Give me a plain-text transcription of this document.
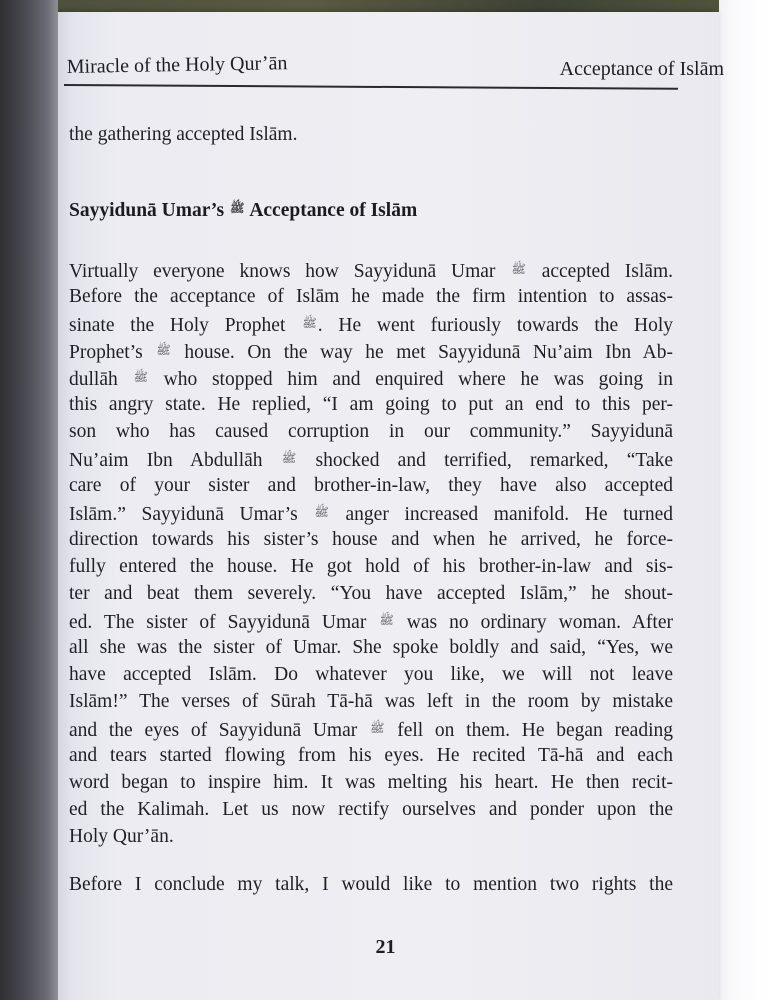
Miracle of the Holy Qur’ān	Acceptance of Islām
the gathering accepted Islām.
Sayyidunā Umar’s ﷺ Acceptance of Islām
Virtually everyone knows how Sayyidunā Umar ﷺ accepted Islām.
Before the acceptance of Islām he made the firm intention to assas-
sinate the Holy Prophet ﷺ. He went furiously towards the Holy
Prophet’s ﷺ house. On the way he met Sayyidunā Nu’aim Ibn Ab-
dullāh ﷺ who stopped him and enquired where he was going in
this angry state. He replied, “I am going to put an end to this per-
son who has caused corruption in our community.” Sayyidunā
Nu’aim Ibn Abdullāh ﷺ shocked and terrified, remarked, “Take
care of your sister and brother-in-law, they have also accepted
Islām.” Sayyidunā Umar’s ﷺ anger increased manifold. He turned
direction towards his sister’s house and when he arrived, he force-
fully entered the house. He got hold of his brother-in-law and sis-
ter and beat them severely. “You have accepted Islām,” he shout-
ed. The sister of Sayyidunā Umar ﷺ was no ordinary woman. After
all she was the sister of Umar. She spoke boldly and said, “Yes, we
have accepted Islām. Do whatever you like, we will not leave
Islām!” The verses of Sūrah Tā-hā was left in the room by mistake
and the eyes of Sayyidunā Umar ﷺ fell on them. He began reading
and tears started flowing from his eyes. He recited Tā-hā and each
word began to inspire him. It was melting his heart. He then recit-
ed the Kalimah. Let us now rectify ourselves and ponder upon the
Holy Qur’ān.
Before I conclude my talk, I would like to mention two rights the
21
